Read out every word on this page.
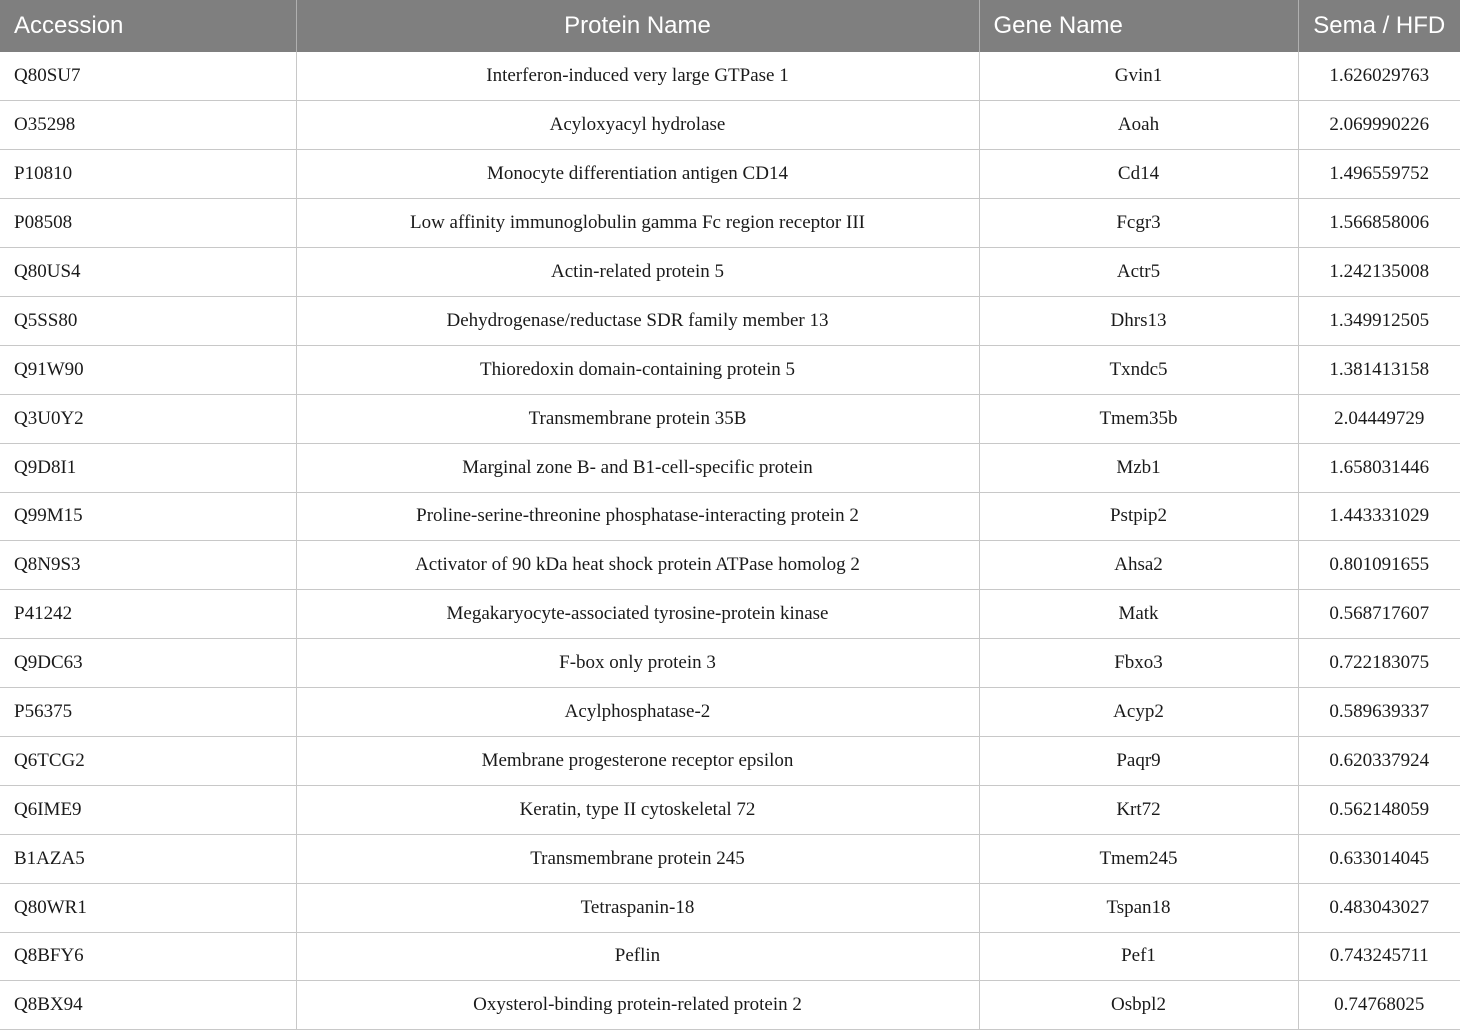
Accession	Protein Name	Gene Name	Sema / HFD
Q80SU7	Interferon-induced very large GTPase 1	Gvin1	1.626029763
O35298	Acyloxyacyl hydrolase	Aoah	2.069990226
P10810	Monocyte differentiation antigen CD14	Cd14	1.496559752
P08508	Low affinity immunoglobulin gamma Fc region receptor III	Fcgr3	1.566858006
Q80US4	Actin-related protein 5	Actr5	1.242135008
Q5SS80	Dehydrogenase/reductase SDR family member 13	Dhrs13	1.349912505
Q91W90	Thioredoxin domain-containing protein 5	Txndc5	1.381413158
Q3U0Y2	Transmembrane protein 35B	Tmem35b	2.04449729
Q9D8I1	Marginal zone B- and B1-cell-specific protein	Mzb1	1.658031446
Q99M15	Proline-serine-threonine phosphatase-interacting protein 2	Pstpip2	1.443331029
Q8N9S3	Activator of 90 kDa heat shock protein ATPase homolog 2	Ahsa2	0.801091655
P41242	Megakaryocyte-associated tyrosine-protein kinase	Matk	0.568717607
Q9DC63	F-box only protein 3	Fbxo3	0.722183075
P56375	Acylphosphatase-2	Acyp2	0.589639337
Q6TCG2	Membrane progesterone receptor epsilon	Paqr9	0.620337924
Q6IME9	Keratin, type II cytoskeletal 72	Krt72	0.562148059
B1AZA5	Transmembrane protein 245	Tmem245	0.633014045
Q80WR1	Tetraspanin-18	Tspan18	0.483043027
Q8BFY6	Peflin	Pef1	0.743245711
Q8BX94	Oxysterol-binding protein-related protein 2	Osbpl2	0.74768025
